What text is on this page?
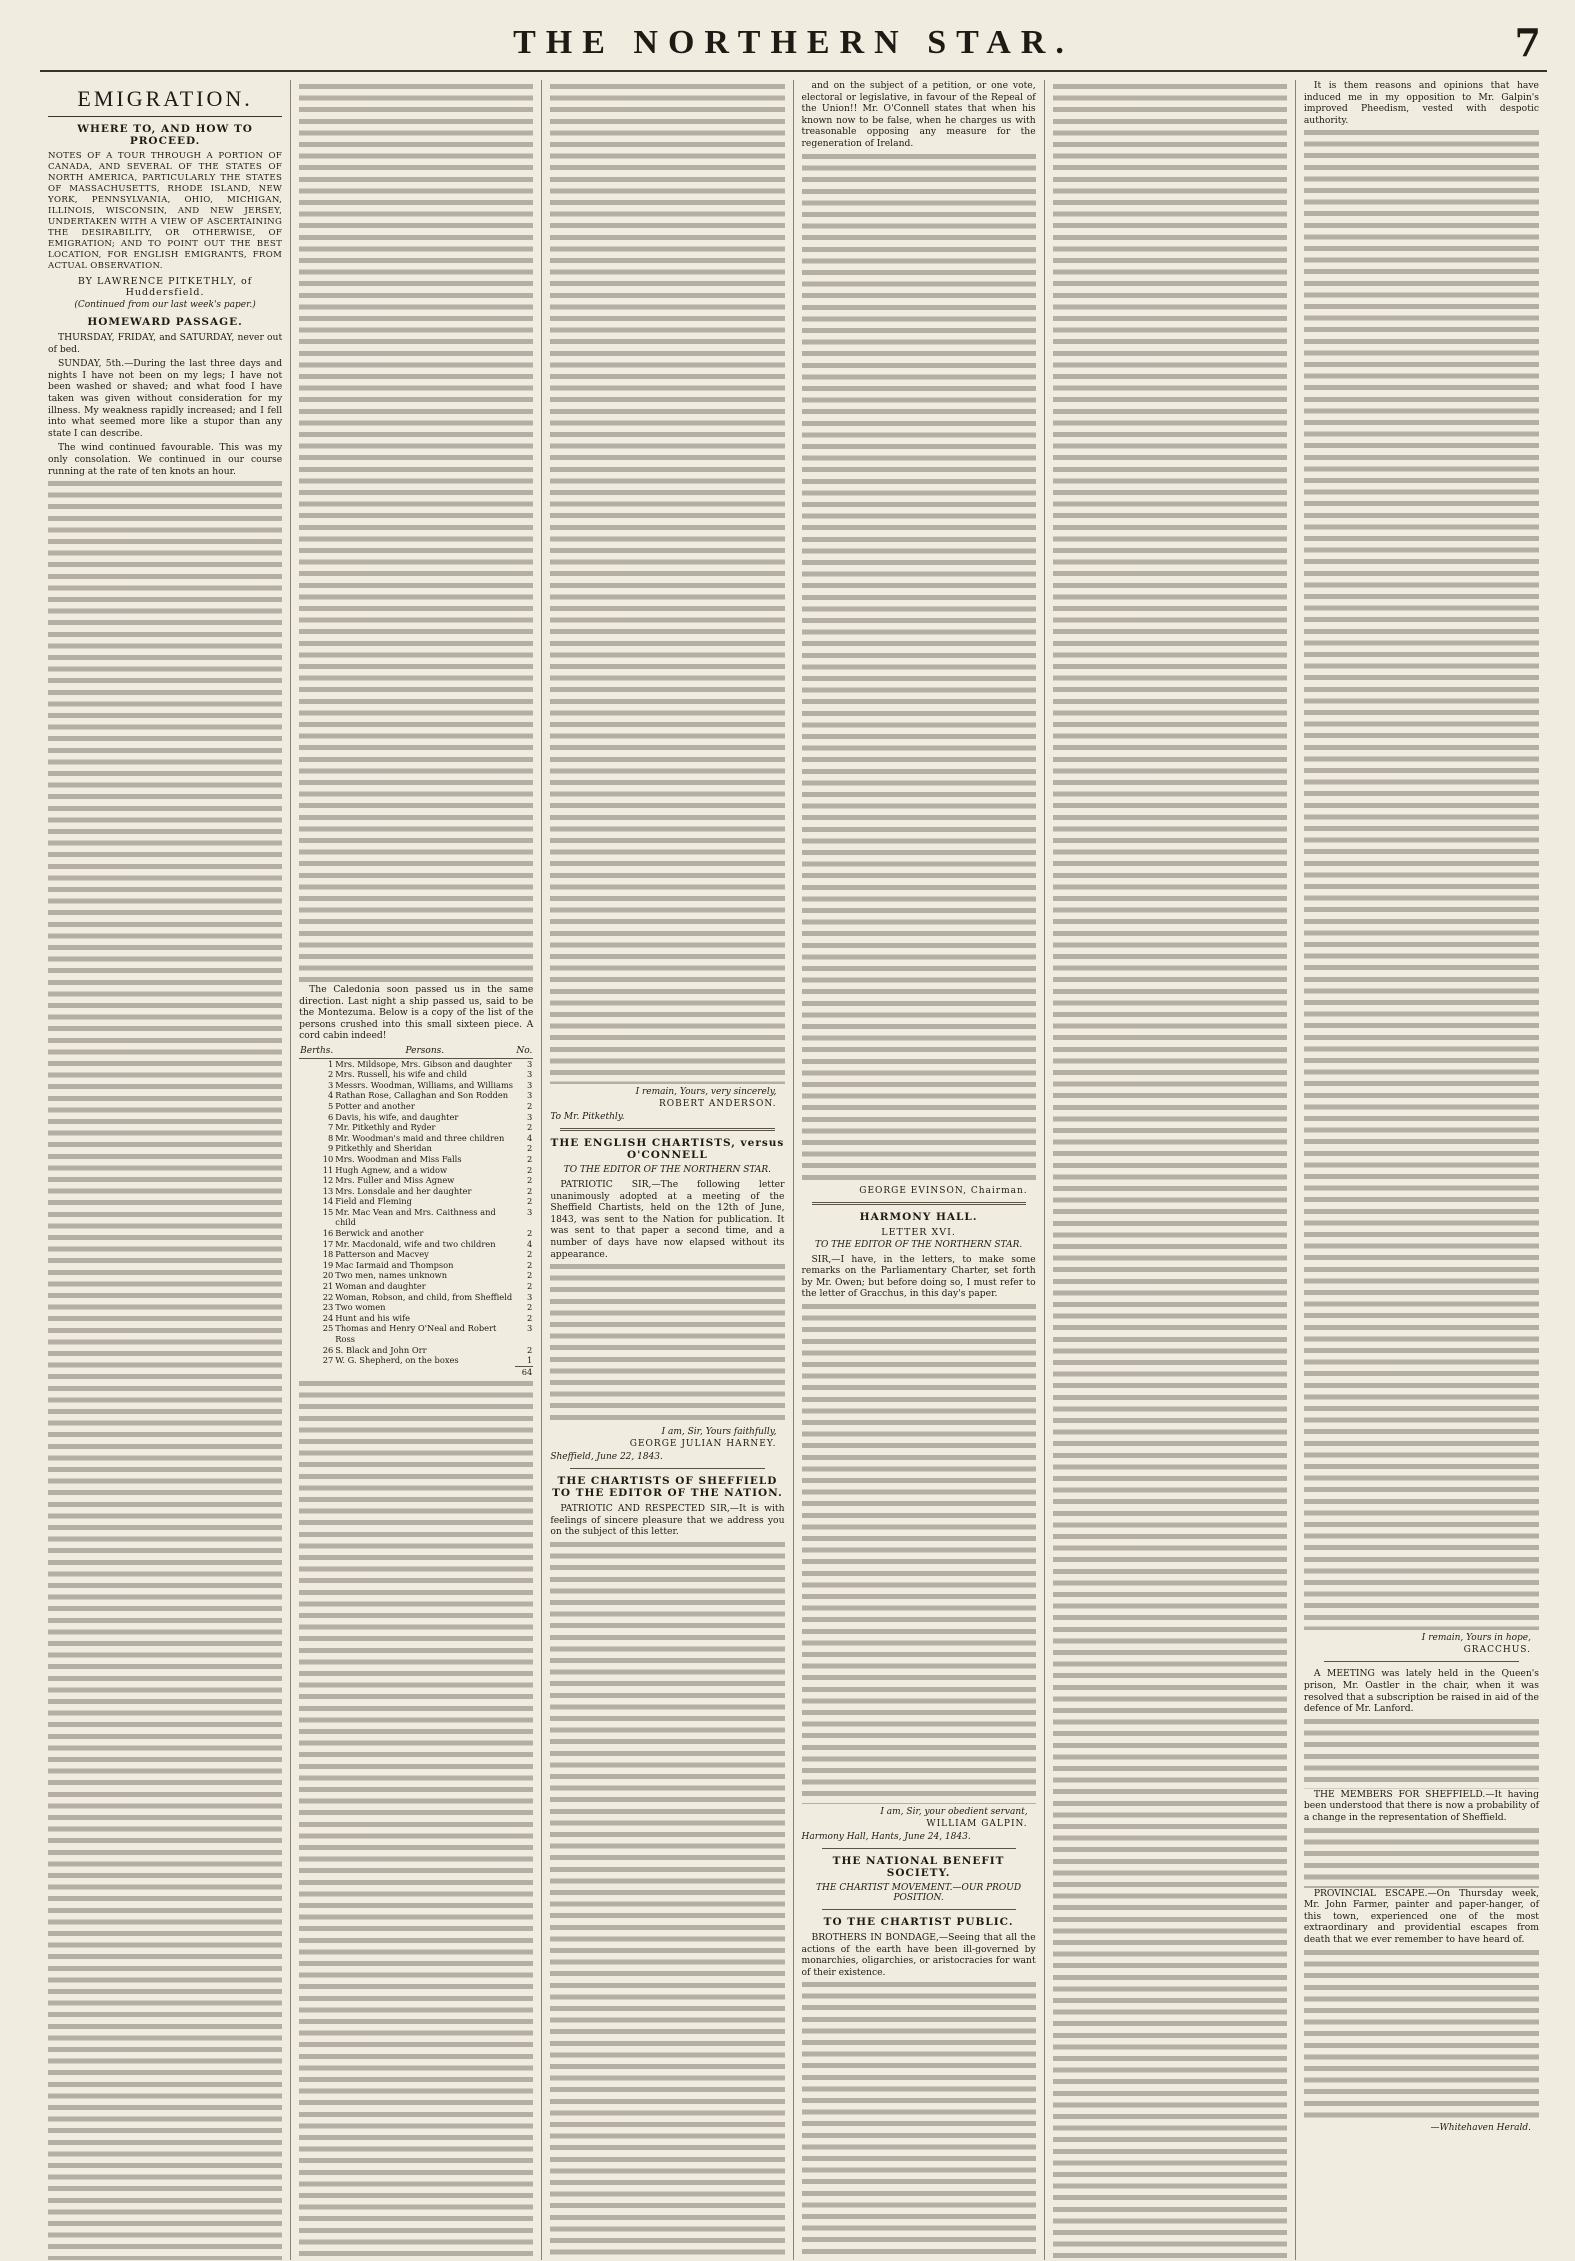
THE NORTHERN STAR.	7
EMIGRATION.
WHERE TO, AND HOW TO PROCEED.
NOTES OF A TOUR THROUGH A PORTION OF CANADA, AND SEVERAL OF THE STATES OF NORTH AMERICA, PARTICULARLY THE STATES OF MASSACHUSETTS, RHODE ISLAND, NEW YORK, PENNSYLVANIA, OHIO, MICHIGAN, ILLINOIS, WISCONSIN, AND NEW JERSEY, UNDERTAKEN WITH A VIEW OF ASCERTAINING THE DESIRABILITY, OR OTHERWISE, OF EMIGRATION; AND TO POINT OUT THE BEST LOCATION, FOR ENGLISH EMIGRANTS, FROM ACTUAL OBSERVATION.
BY LAWRENCE PITKETHLY, of Huddersfield.
(Continued from our last week's paper.)
HOMEWARD PASSAGE.

THURSDAY, FRIDAY, and SATURDAY, never out of bed.

SUNDAY, 5th.—During the last three days and nights I have not been on my legs; I have not been washed or shaved; and what food I have taken was given without consideration for my illness. My weakness rapidly increased; and I fell into what seemed more like a stupor than any state I can describe.

The wind continued favourable. This was my only consolation. We continued in our course running at the rate of ten knots an hour.

The Caledonia soon passed us in the same direction. Last night a ship passed us, said to be the Montezuma. Below is a copy of the list of the persons crushed into this small sixteen piece. A cord cabin indeed!

Berths.	Persons.	No.
1	Mrs. Mildsope, Mrs. Gibson and daughter	3
2	Mrs. Russell, his wife and child	3
3	Messrs. Woodman, Williams, and Williams	3
4	Rathan Rose, Callaghan and Son Rodden	3
5	Potter and another	2
6	Davis, his wife, and daughter	3
7	Mr. Pitkethly and Ryder	2
8	Mr. Woodman's maid and three children	4
9	Pitkethly and Sheridan	2
10	Mrs. Woodman and Miss Falls	2
11	Hugh Agnew, and a widow	2
12	Mrs. Fuller and Miss Agnew	2
13	Mrs. Lonsdale and her daughter	2
14	Field and Fleming	2
15	Mr. Mac Vean and Mrs. Caithness and child	3
16	Berwick and another	2
17	Mr. Macdonald, wife and two children	4
18	Patterson and Macvey	2
19	Mac Iarmaid and Thompson	2
20	Two men, names unknown	2
21	Woman and daughter	2
22	Woman, Robson, and child, from Sheffield	3
23	Two women	2
24	Hunt and his wife	2
25	Thomas and Henry O'Neal and Robert Ross	3
26	S. Black and John Orr	2
27	W. G. Shepherd, on the boxes	1
		64
I remain, Yours, very sincerely,
ROBERT ANDERSON.
To Mr. Pitkethly.
THE ENGLISH CHARTISTS, versus O'CONNELL
TO THE EDITOR OF THE NORTHERN STAR.

PATRIOTIC SIR,—The following letter unanimously adopted at a meeting of the Sheffield Chartists, held on the 12th of June, 1843, was sent to the Nation for publication. It was sent to that paper a second time, and a number of days have now elapsed without its appearance.

I am, Sir, Yours faithfully,
GEORGE JULIAN HARNEY.
Sheffield, June 22, 1843.
THE CHARTISTS OF SHEFFIELD TO THE EDITOR OF THE NATION.

PATRIOTIC AND RESPECTED SIR,—It is with feelings of sincere pleasure that we address you on the subject of this letter.

and on the subject of a petition, or one vote, electoral or legislative, in favour of the Repeal of the Union!! Mr. O'Connell states that when his known now to be false, when he charges us with treasonable opposing any measure for the regeneration of Ireland.

GEORGE EVINSON, Chairman.
HARMONY HALL.
LETTER XVI.
TO THE EDITOR OF THE NORTHERN STAR.

SIR,—I have, in the letters, to make some remarks on the Parliamentary Charter, set forth by Mr. Owen; but before doing so, I must refer to the letter of Gracchus, in this day's paper.

I am, Sir, your obedient servant,
WILLIAM GALPIN.
Harmony Hall, Hants, June 24, 1843.
THE NATIONAL BENEFIT SOCIETY.
THE CHARTIST MOVEMENT.—OUR PROUD POSITION.
TO THE CHARTIST PUBLIC.

BROTHERS IN BONDAGE,—Seeing that all the actions of the earth have been ill-governed by monarchies, oligarchies, or aristocracies for want of their existence.

It is them reasons and opinions that have induced me in my opposition to Mr. Galpin's improved Pheedism, vested with despotic authority.

I remain, Yours in hope,
GRACCHUS.

A MEETING was lately held in the Queen's prison, Mr. Oastler in the chair, when it was resolved that a subscription be raised in aid of the defence of Mr. Lanford.

THE MEMBERS FOR SHEFFIELD.—It having been understood that there is now a probability of a change in the representation of Sheffield.

PROVINCIAL ESCAPE.—On Thursday week, Mr. John Farmer, painter and paper-hanger, of this town, experienced one of the most extraordinary and providential escapes from death that we ever remember to have heard of.

—Whitehaven Herald.
